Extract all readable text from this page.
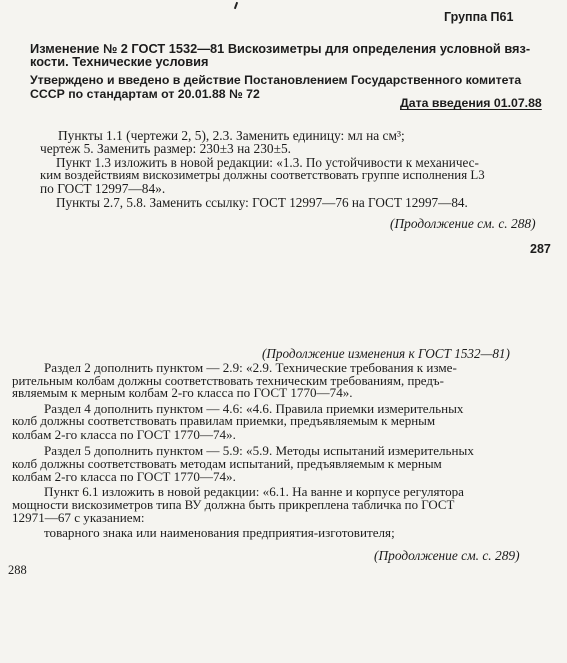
Группа П61
Изменение № 2 ГОСТ 1532—81 Вискозиметры для определения условной вяз-
кости. Технические условия
Утверждено и введено в действие Постановлением Государственного комитета
СССР по стандартам от 20.01.88 № 72
Дата введения 01.07.88
Пункты 1.1 (чертежи 2, 5), 2.3. Заменить единицу: мл на см³;
чертеж 5. Заменить размер: 230±3 на 230±5.
Пункт 1.3 изложить в новой редакции: «1.3. По устойчивости к механичес-
ким воздействиям вискозиметры должны соответствовать группе исполнения L3
по ГОСТ 12997—84».
Пункты 2.7, 5.8. Заменить ссылку: ГОСТ 12997—76 на ГОСТ 12997—84.
(Продолжение см. с. 288)
287
(Продолжение изменения к ГОСТ 1532—81)
Раздел 2 дополнить пунктом — 2.9: «2.9. Технические требования к изме-
рительным колбам должны соответствовать техническим требованиям, предъ-
являемым к мерным колбам 2-го класса по ГОСТ 1770—74».
Раздел 4 дополнить пунктом — 4.6: «4.6. Правила приемки измерительных
колб должны соответствовать правилам приемки, предъявляемым к мерным
колбам 2-го класса по ГОСТ 1770—74».
Раздел 5 дополнить пунктом — 5.9: «5.9. Методы испытаний измерительных
колб должны соответствовать методам испытаний, предъявляемым к мерным
колбам 2-го класса по ГОСТ 1770—74».
Пункт 6.1 изложить в новой редакции: «6.1. На ванне и корпусе регулятора
мощности вискозиметров типа ВУ должна быть прикреплена табличка по ГОСТ
12971—67 с указанием:
товарного знака или наименования предприятия-изготовителя;
(Продолжение см. с. 289)
288
